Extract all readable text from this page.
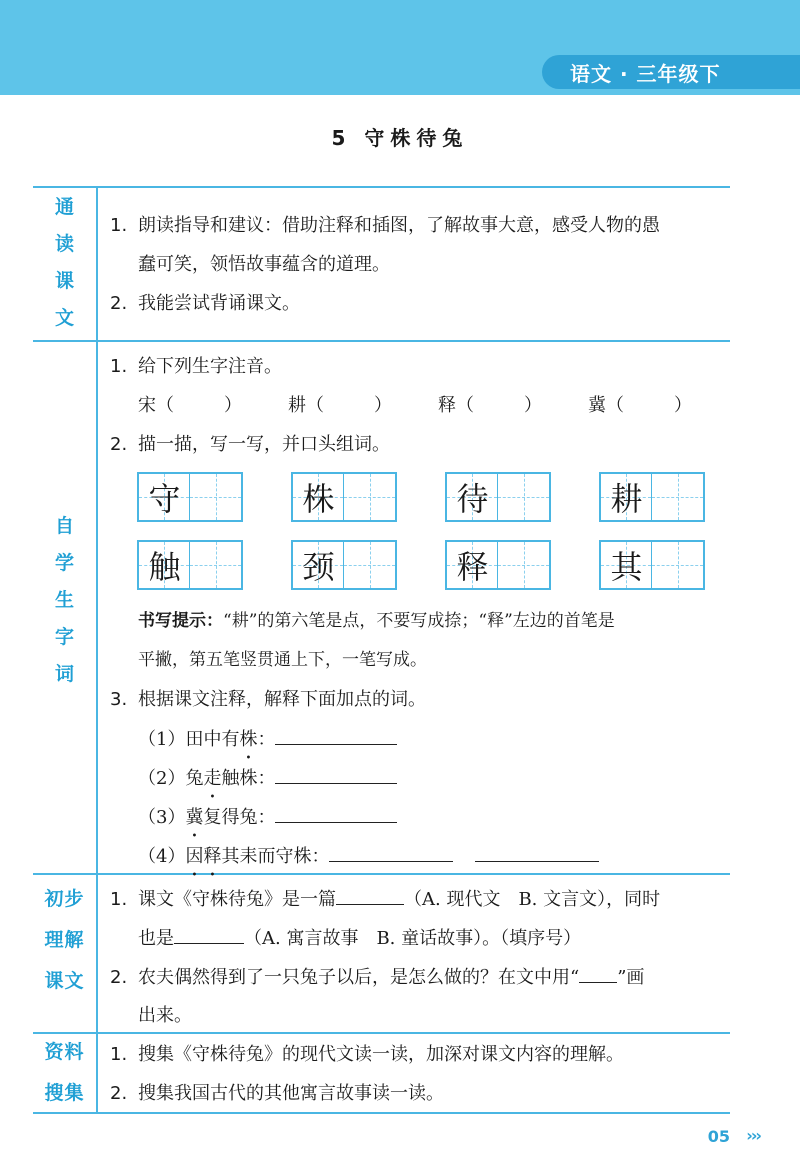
语文 · 三年级下
5 守株待兔
通
读
课
文
1. 朗读指导和建议：借助注释和插图，了解故事大意，感受人物的愚
蠢可笑，领悟故事蕴含的道理。
2. 我能尝试背诵课文。
自
学
生
字
词
1. 给下列生字注音。
宋（	）	耕（	）	释（	）	冀（	）
2. 描一描，写一写，并口头组词。
守	株	待	耕
触	颈	释	其
书写提示：“耕”的第六笔是点，不要写成捺；“释”左边的首笔是
平撇，第五笔竖贯通上下，一笔写成。
3. 根据课文注释，解释下面加点的词。
（1）田中有株：
（2）兔走触株：
（3）冀复得兔：
（4）因释其耒而守株：
初步
理解
课文
1. 课文《守株待兔》是一篇	（A. 现代文　B. 文言文），同时
也是	（A. 寓言故事　B. 童话故事）。（填序号）
2. 农夫偶然得到了一只兔子以后，是怎么做的？在文中用“ ”画
出来。
资料
搜集
1. 搜集《守株待兔》的现代文读一读，加深对课文内容的理解。
2. 搜集我国古代的其他寓言故事读一读。
05 ›››
